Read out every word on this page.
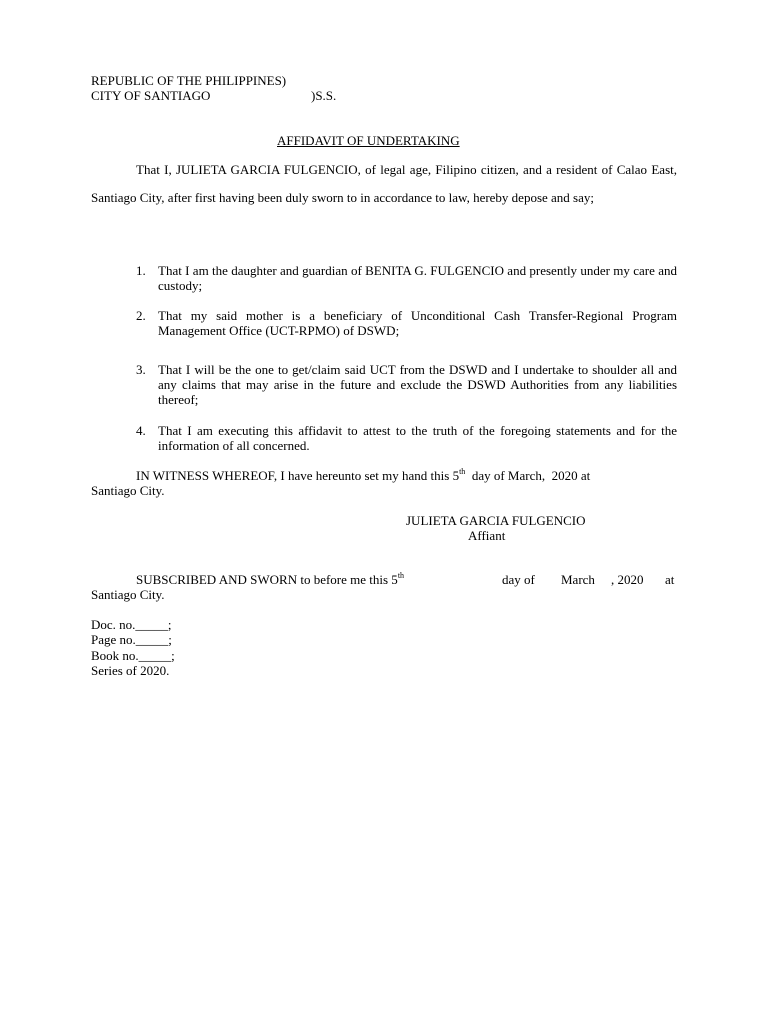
REPUBLIC OF THE PHILIPPINES)
CITY OF SANTIAGO	)S.S.
AFFIDAVIT OF UNDERTAKING
That I, JULIETA GARCIA FULGENCIO, of legal age, Filipino citizen, and a resident of Calao East, Santiago City, after first having been duly sworn to in accordance to law, hereby depose and say;
1. That I am the daughter and guardian of BENITA G. FULGENCIO and presently under my care and custody;
2. That my said mother is a beneficiary of Unconditional Cash Transfer-Regional Program Management Office (UCT-RPMO) of DSWD;
3. That I will be the one to get/claim said UCT from the DSWD and I undertake to shoulder all and any claims that may arise in the future and exclude the DSWD Authorities from any liabilities thereof;
4. That I am executing this affidavit to attest to the truth of the foregoing statements and for the information of all concerned.
IN WITNESS WHEREOF, I have hereunto set my hand this 5th  day of March,  2020 at
Santiago City.
JULIETA GARCIA FULGENCIO
Affiant
SUBSCRIBED AND SWORN to before me this 5th	day of March , 2020 at
Santiago City.
Doc. no._____;
Page no._____;
Book no._____;
Series of 2020.
